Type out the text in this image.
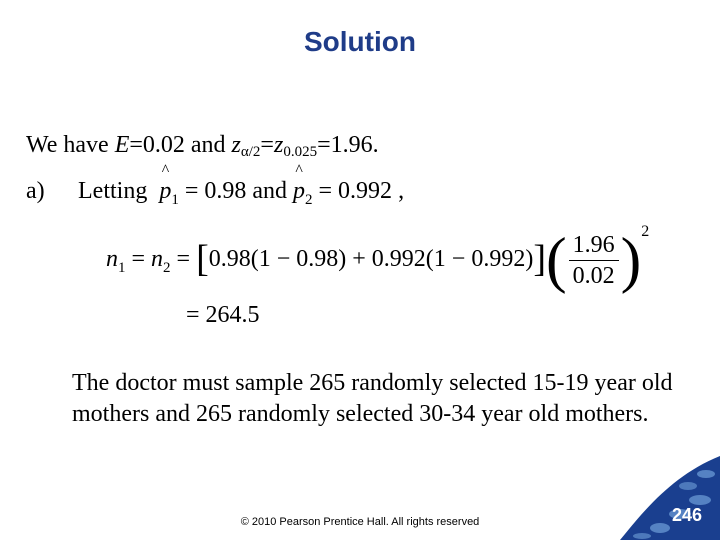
Solution
We have E=0.02 and $z_{\alpha/2}=z_{0.025}=1.96$.
a) Letting  ^ $p_1 = 0.98$ and ^ $p_2 = 0.992$ ,
$n_1 = n_2 = [0.98(1 - 0.98) + 0.992(1 - 0.992)]( \frac{1.96}{0.02} )^2$
= 264.5
The doctor must sample 265 randomly selected 15-19 year old mothers and 265 randomly selected 30-34 year old mothers.
© 2010 Pearson Prentice Hall. All rights reserved	246
